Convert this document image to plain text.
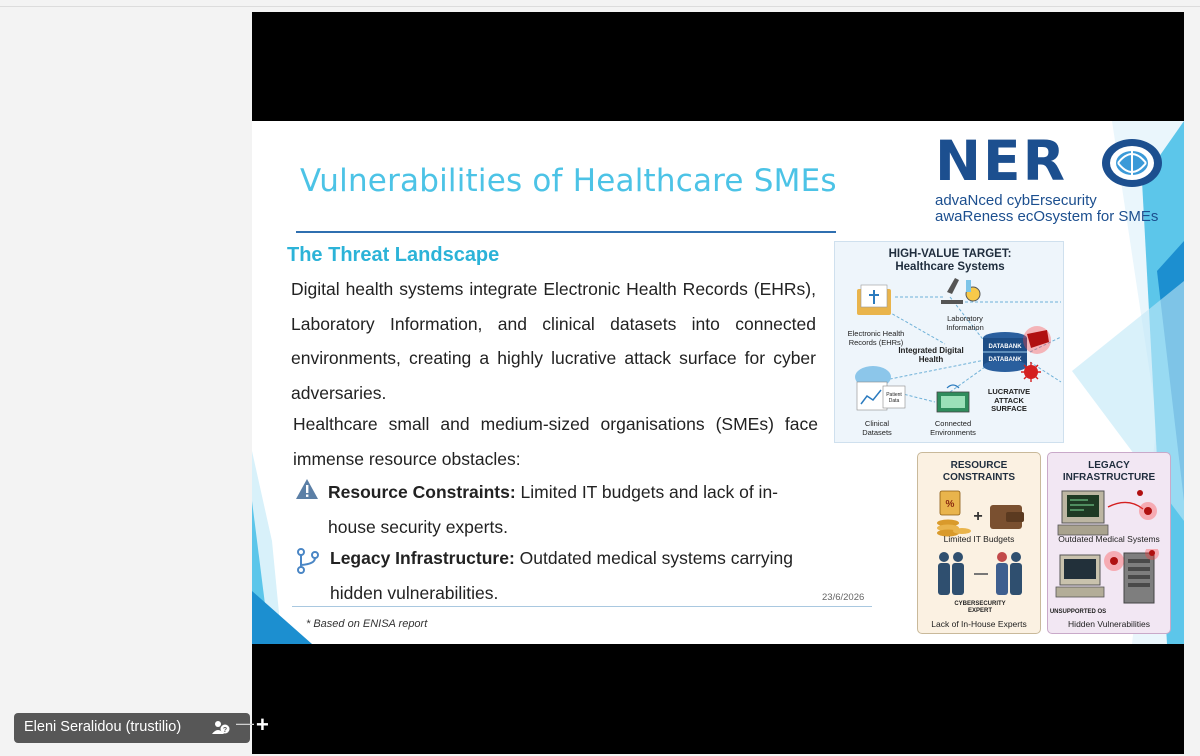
Vulnerabilities of Healthcare SMEs NER
advaNced cybErsecurity
awaReness ecOsystem for SMEs
The Threat Landscape
Digital health systems integrate Electronic Health Records (EHRs), Laboratory Information, and clinical datasets into connected environments, creating a highly lucrative attack surface for cyber adversaries.
Healthcare small and medium-sized organisations (SMEs) face immense resource obstacles:
Resource Constraints: Limited IT budgets and lack of in-house security experts.
Legacy Infrastructure: Outdated medical systems carrying hidden vulnerabilities.	23/6/2026
* Based on ENISA report
HIGH-VALUE TARGET:
Healthcare Systems
DATABANK
DATABANK
Electronic Health Records (EHRs)
Laboratory Information
Integrated Digital Health
LUCRATIVE ATTACK SURFACE
Patient Data
Clinical Datasets
Connected Environments
RESOURCE
CONSTRAINTS
%
+
Limited IT Budgets
CYBERSECURITY EXPERT
Lack of In-House Experts
LEGACY
INFRASTRUCTURE
Outdated Medical Systems
UNSUPPORTED OS
Hidden Vulnerabilities
Eleni Seralidou (trustilio)	? — +
